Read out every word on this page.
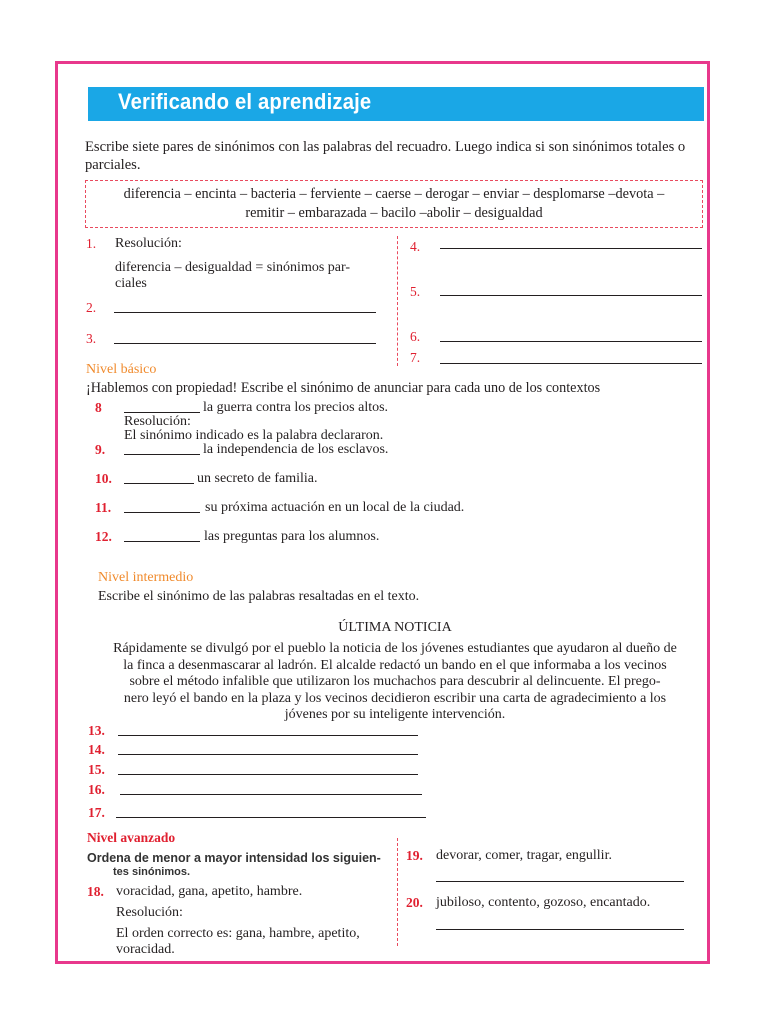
Verificando el aprendizaje
Escribe siete pares de sinónimos con las palabras del recuadro. Luego indica si son sinónimos totales o parciales.
diferencia – encinta – bacteria – ferviente – caerse – derogar – enviar – desplomarse –devota –
remitir – embarazada – bacilo –abolir – desigualdad
1. Resolución:
diferencia – desigualdad = sinónimos par-
ciales
2.
3.
4.
5.
6.
7.
Nivel básico
¡Hablemos con propiedad! Escribe el sinónimo de anunciar para cada uno de los contextos
8	la guerra contra los precios altos.
Resolución:
El sinónimo indicado es la palabra declararon.
9.	la independencia de los esclavos.
10.	un secreto de familia.
11.	su próxima actuación en un local de la ciudad.
12.	las preguntas para los alumnos.
Nivel intermedio
Escribe el sinónimo de las palabras resaltadas en el texto.
ÚLTIMA NOTICIA
Rápidamente se divulgó por el pueblo la noticia de los jóvenes estudiantes que ayudaron al dueño de
la finca a desenmascarar al ladrón. El alcalde redactó un bando en el que informaba a los vecinos
sobre el método infalible que utilizaron los muchachos para descubrir al delincuente. El prego-
nero leyó el bando en la plaza y los vecinos decidieron escribir una carta de agradecimiento a los
jóvenes por su inteligente intervención.
13.
14.
15.
16.
17.
Nivel avanzado
Ordena de menor a mayor intensidad los siguien-
tes sinónimos.
18. voracidad, gana, apetito, hambre.
Resolución:
El orden correcto es: gana, hambre, apetito,
voracidad.
19. devorar, comer, tragar, engullir.
20. jubiloso, contento, gozoso, encantado.
